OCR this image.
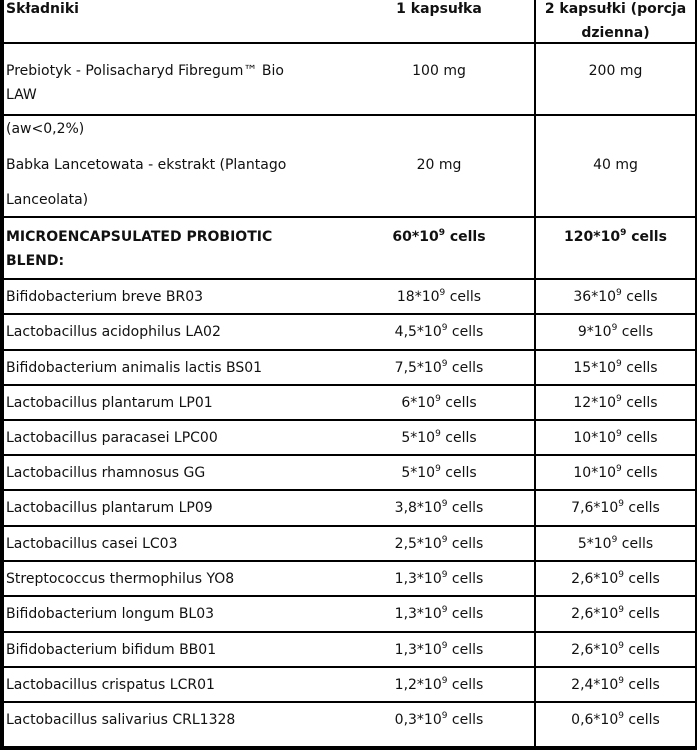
Składniki	1 kapsułka	2 kapsułki (porcja
dzienna)
Prebiotyk - Polisacharyd Fibregum™ Bio
LAW
100 mg	200 mg
(aw<0,2%)
Babka Lancetowata - ekstrakt (Plantago
Lanceolata)
20 mg	40 mg
MICROENCAPSULATED PROBIOTIC
BLEND:
$60*10^9$ cells	$120*10^9$ cells
Bifidobacterium breve BR03	$18*10^9$ cells	$36*10^9$ cells
Lactobacillus acidophilus LA02	$4,5*10^9$ cells	$9*10^9$ cells
Bifidobacterium animalis lactis BS01	$7,5*10^9$ cells	$15*10^9$ cells
Lactobacillus plantarum LP01	$6*10^9$ cells	$12*10^9$ cells
Lactobacillus paracasei LPC00	$5*10^9$ cells	$10*10^9$ cells
Lactobacillus rhamnosus GG	$5*10^9$ cells	$10*10^9$ cells
Lactobacillus plantarum LP09	$3,8*10^9$ cells	$7,6*10^9$ cells
Lactobacillus casei LC03	$2,5*10^9$ cells	$5*10^9$ cells
Streptococcus thermophilus YO8	$1,3*10^9$ cells	$2,6*10^9$ cells
Bifidobacterium longum BL03	$1,3*10^9$ cells	$2,6*10^9$ cells
Bifidobacterium bifidum BB01	$1,3*10^9$ cells	$2,6*10^9$ cells
Lactobacillus crispatus LCR01	$1,2*10^9$ cells	$2,4*10^9$ cells
Lactobacillus salivarius CRL1328	$0,3*10^9$ cells	$0,6*10^9$ cells
